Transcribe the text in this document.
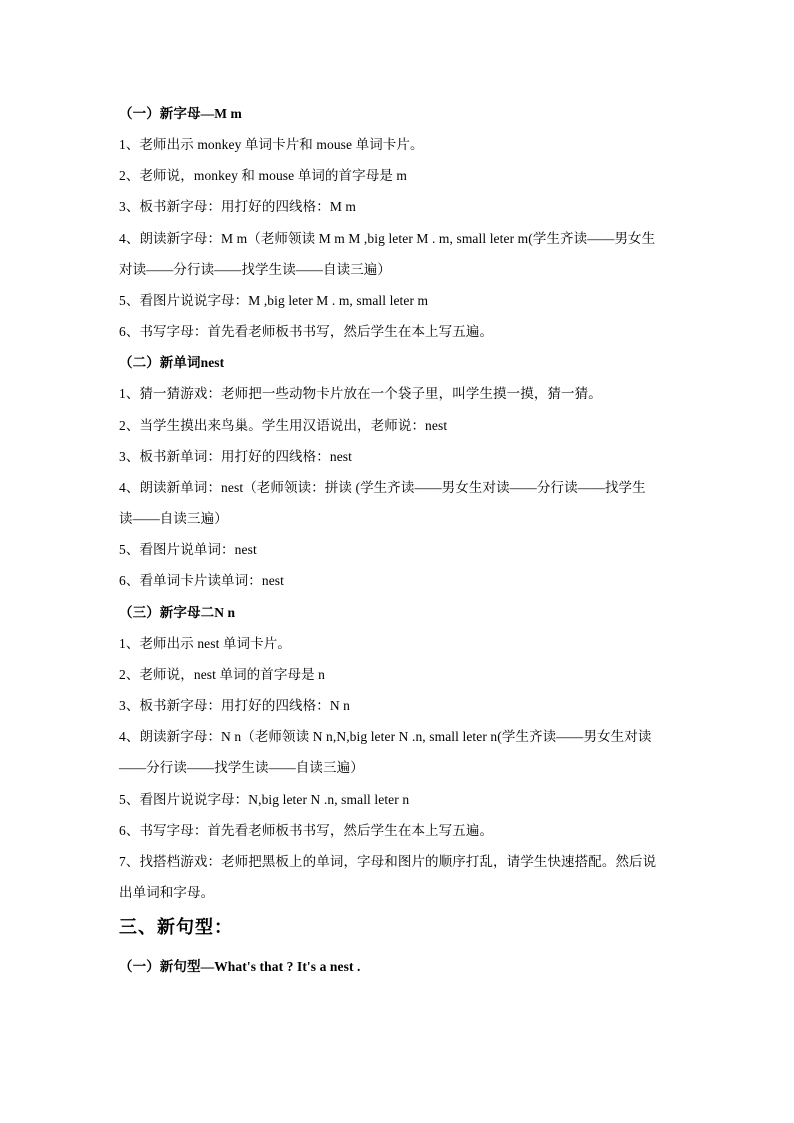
（一）新字母—M m
1、老师出示 monkey 单词卡片和 mouse 单词卡片。
2、老师说，monkey 和 mouse 单词的首字母是 m
3、板书新字母：用打好的四线格：M m
4、朗读新字母：M m（老师领读 M m M ,big leter M . m, small leter m(学生齐读——男女生
对读——分行读——找学生读——自读三遍）
5、看图片说说字母：M ,big leter M . m, small leter m
6、书写字母：首先看老师板书书写，然后学生在本上写五遍。
（二）新单词nest
1、猜一猜游戏：老师把一些动物卡片放在一个袋子里，叫学生摸一摸，猜一猜。
2、当学生摸出来鸟巢。学生用汉语说出，老师说：nest
3、板书新单词：用打好的四线格：nest
4、朗读新单词：nest（老师领读：拼读 (学生齐读——男女生对读——分行读——找学生
读——自读三遍）
5、看图片说单词：nest
6、看单词卡片读单词：nest
（三）新字母二N n
1、老师出示 nest 单词卡片。
2、老师说，nest 单词的首字母是 n
3、板书新字母：用打好的四线格：N n
4、朗读新字母：N n（老师领读 N n,N,big leter N .n, small leter n(学生齐读——男女生对读
——分行读——找学生读——自读三遍）
5、看图片说说字母：N,big leter N .n, small leter n
6、书写字母：首先看老师板书书写，然后学生在本上写五遍。
7、找搭档游戏：老师把黑板上的单词，字母和图片的顺序打乱，请学生快速搭配。然后说
出单词和字母。
三、新句型：
（一）新句型—What's that ? It's a nest .
